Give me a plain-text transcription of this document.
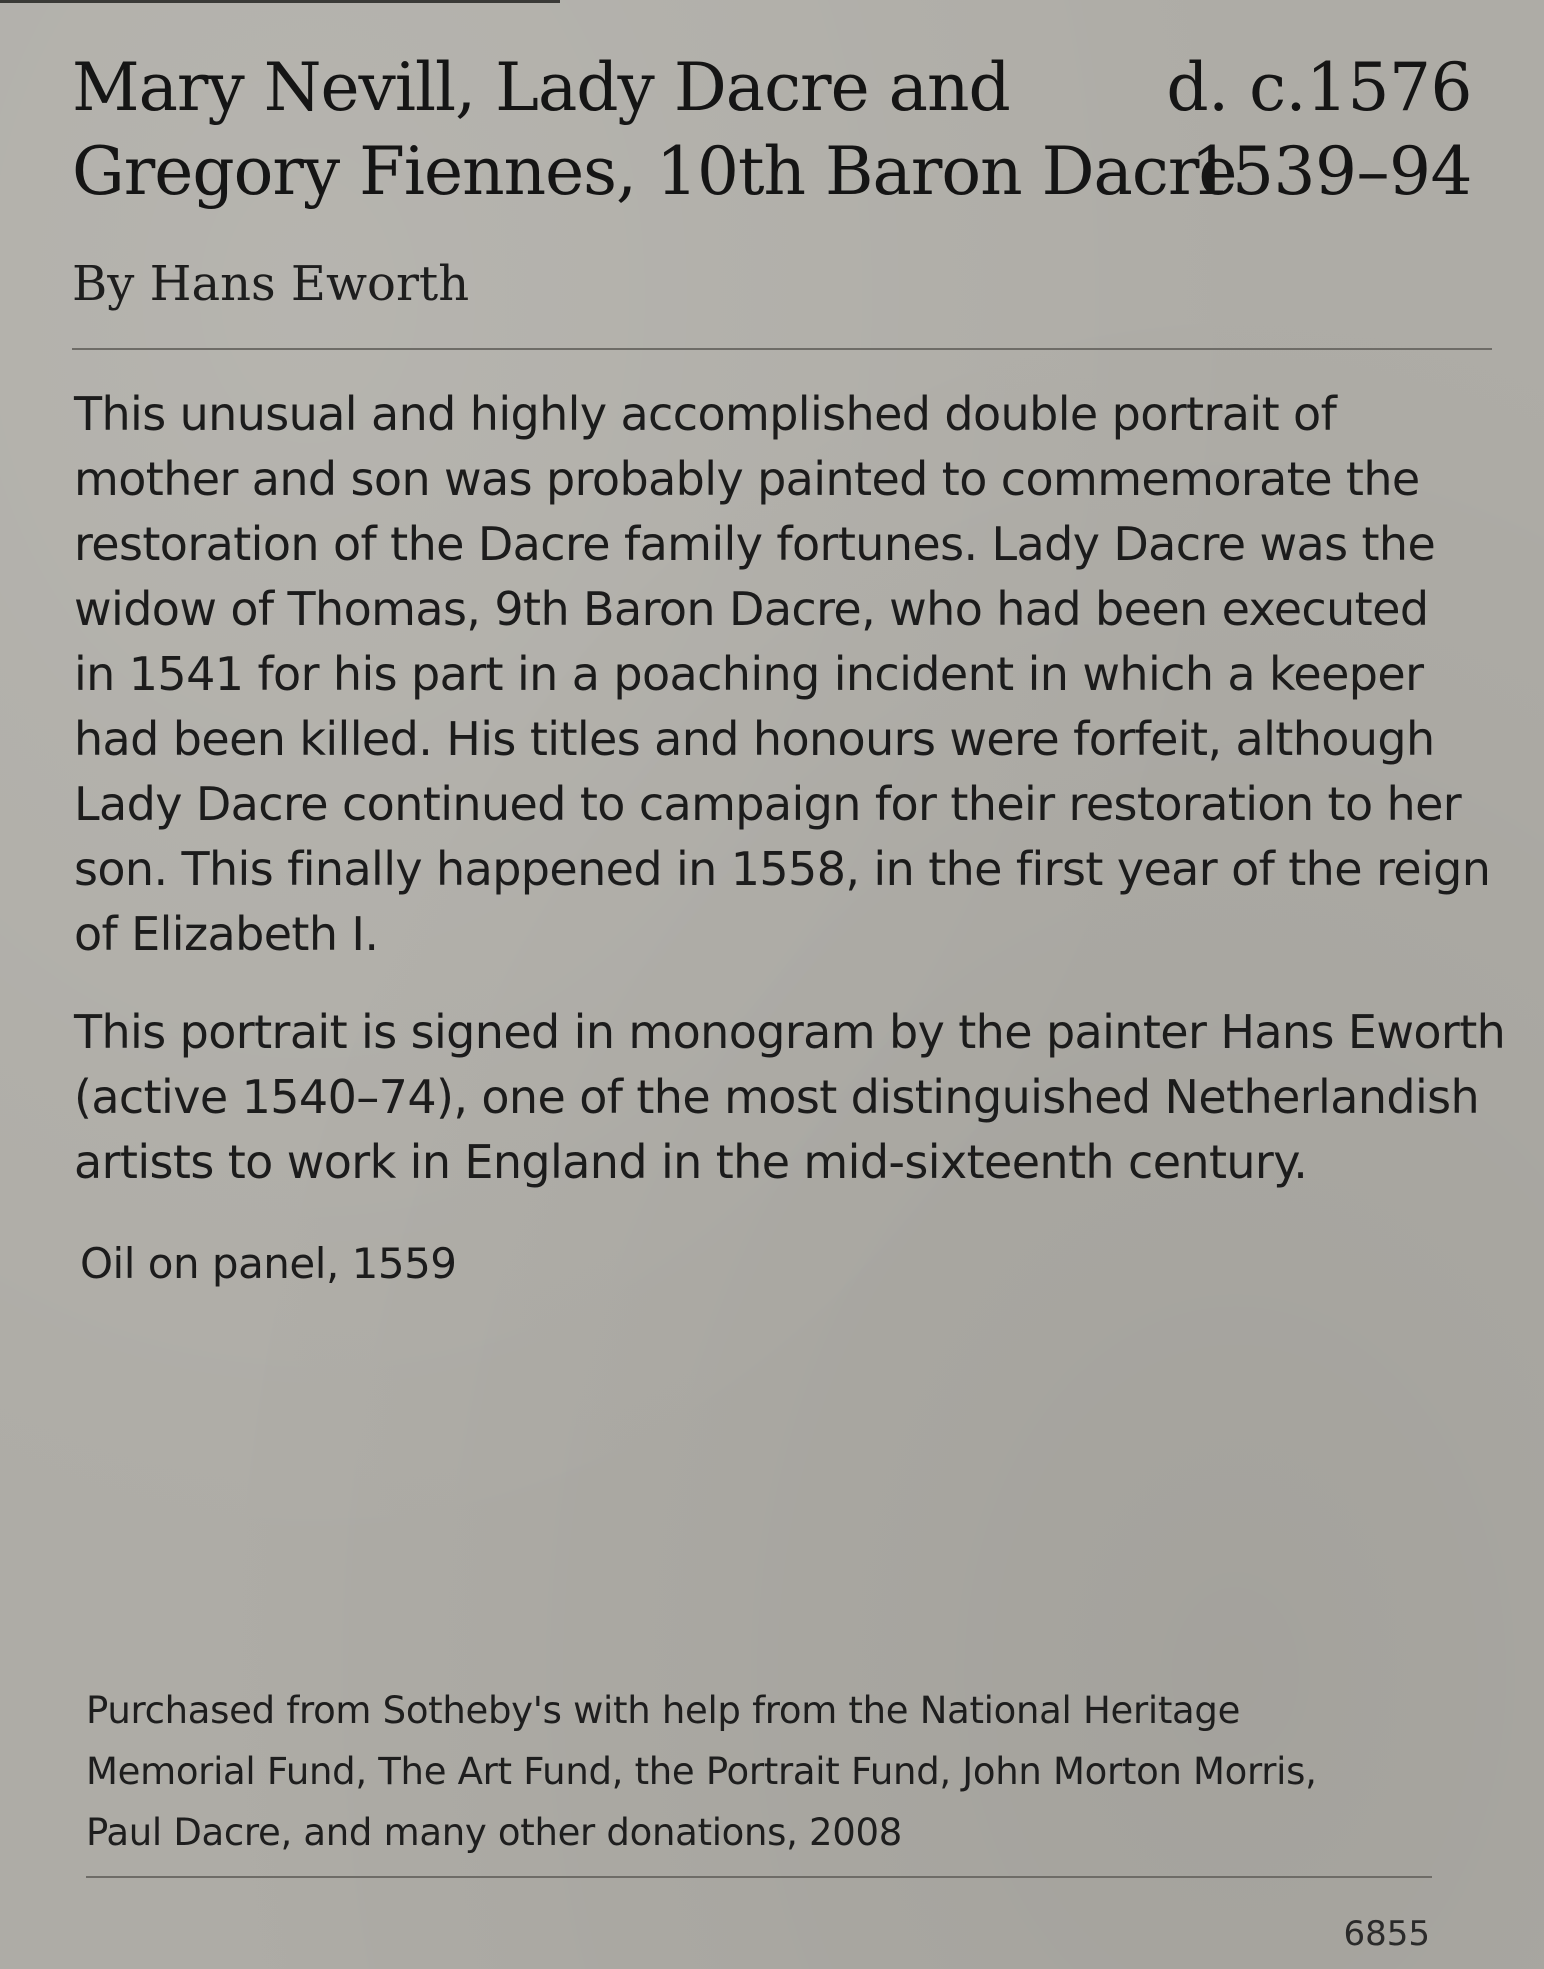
Mary Nevill, Lady Dacre and d. c.1576
Gregory Fiennes, 10th Baron Dacre
1539–94
By Hans Eworth

This unusual and highly accomplished double portrait of
mother and son was probably painted to commemorate the
restoration of the Dacre family fortunes. Lady Dacre was the
widow of Thomas, 9th Baron Dacre, who had been executed
in 1541 for his part in a poaching incident in which a keeper
had been killed. His titles and honours were forfeit, although
Lady Dacre continued to campaign for their restoration to her
son. This finally happened in 1558, in the first year of the reign
of Elizabeth I.

This portrait is signed in monogram by the painter Hans Eworth
(active 1540–74), one of the most distinguished Netherlandish
artists to work in England in the mid-sixteenth century.

Oil on panel, 1559
Purchased from Sotheby's with help from the National Heritage
Memorial Fund, The Art Fund, the Portrait Fund, John Morton Morris,
Paul Dacre, and many other donations, 2008
6855
